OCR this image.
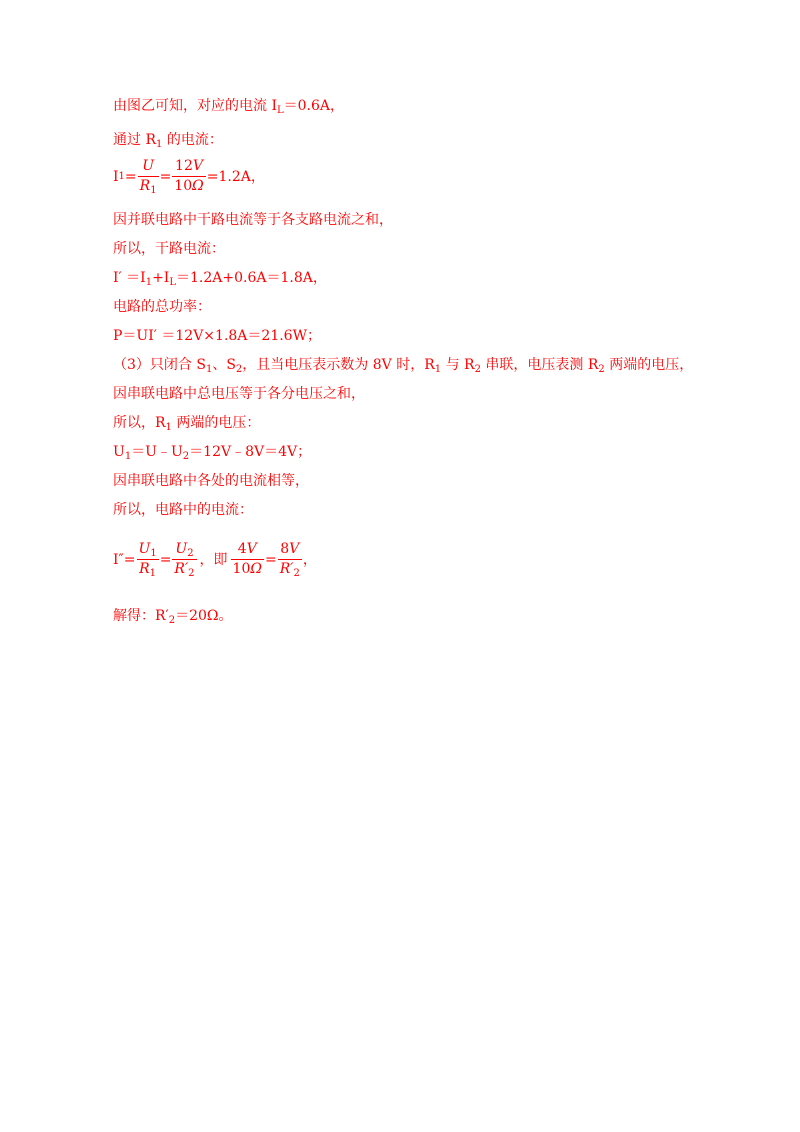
由图乙可知，对应的电流 $I_L=0.6A$，
通过 $R_1$ 的电流：
I $1 = \frac{U}{R_1} = \frac{12V}{10\Omega} =1.2A$，
因并联电路中干路电流等于各支路电流之和，
所以，干路电流：
$I' =I_1+I_L=1.2A+0.6A=1.8A$，
电路的总功率：
P＝UI′ ＝12V×1.8A＝21.6W；
（3）只闭合 $S_1$、$S_2$，且当电压表示数为 8V 时，$R_1$ 与 $R_2$ 串联，电压表测 $R_2$ 两端的电压，
因串联电路中总电压等于各分电压之和，
所以，$R_1$ 两端的电压：
$U_1=U﹣U_2=12V﹣8V=4V$；
因串联电路中各处的电流相等，
所以，电路中的电流：
$I'' = \frac{U_1}{R_1} = \frac{U_2}{R'_2}$ ，即 $\frac{4V}{10\Omega} = \frac{8V}{R'_2}$ ，
解得：$R'_2=20\Omega$。
